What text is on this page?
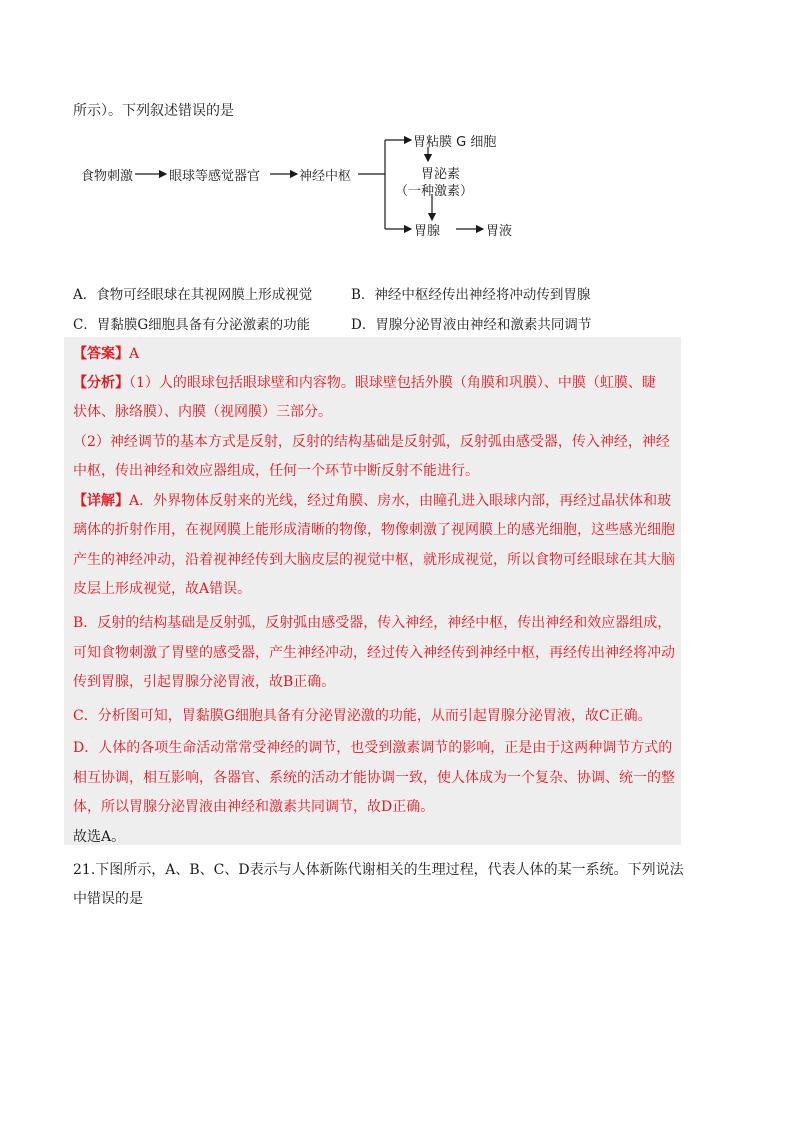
所示）。下列叙述错误的是
食物刺激	眼球等感觉器官	神经中枢
胃粘膜 G 细胞
胃泌素
（一种激素）
胃腺	胃液
A．食物可经眼球在其视网膜上形成视觉	B．神经中枢经传出神经将冲动传到胃腺
C．胃黏膜G细胞具备有分泌激素的功能	D．胃腺分泌胃液由神经和激素共同调节
【答案】A
【分析】（1）人的眼球包括眼球壁和内容物。眼球壁包括外膜（角膜和巩膜）、中膜（虹膜、睫
状体、脉络膜）、内膜（视网膜）三部分。
（2）神经调节的基本方式是反射，反射的结构基础是反射弧，反射弧由感受器，传入神经，神经
中枢，传出神经和效应器组成，任何一个环节中断反射不能进行。
【详解】A．外界物体反射来的光线，经过角膜、房水，由瞳孔进入眼球内部，再经过晶状体和玻
璃体的折射作用，在视网膜上能形成清晰的物像，物像刺激了视网膜上的感光细胞，这些感光细胞
产生的神经冲动，沿着视神经传到大脑皮层的视觉中枢，就形成视觉，所以食物可经眼球在其大脑
皮层上形成视觉，故A错误。
B．反射的结构基础是反射弧，反射弧由感受器，传入神经，神经中枢，传出神经和效应器组成，
可知食物刺激了胃壁的感受器，产生神经冲动，经过传入神经传到神经中枢，再经传出神经将冲动
传到胃腺，引起胃腺分泌胃液，故B正确。
C．分析图可知，胃黏膜G细胞具备有分泌胃泌激的功能，从而引起胃腺分泌胃液，故C正确。
D．人体的各项生命活动常常受神经的调节，也受到激素调节的影响，正是由于这两种调节方式的
相互协调，相互影响，各器官、系统的活动才能协调一致，使人体成为一个复杂、协调、统一的整
体，所以胃腺分泌胃液由神经和激素共同调节，故D正确。
故选A。
21.下图所示，A、B、C、D表示与人体新陈代谢相关的生理过程，代表人体的某一系统。下列说法
中错误的是
